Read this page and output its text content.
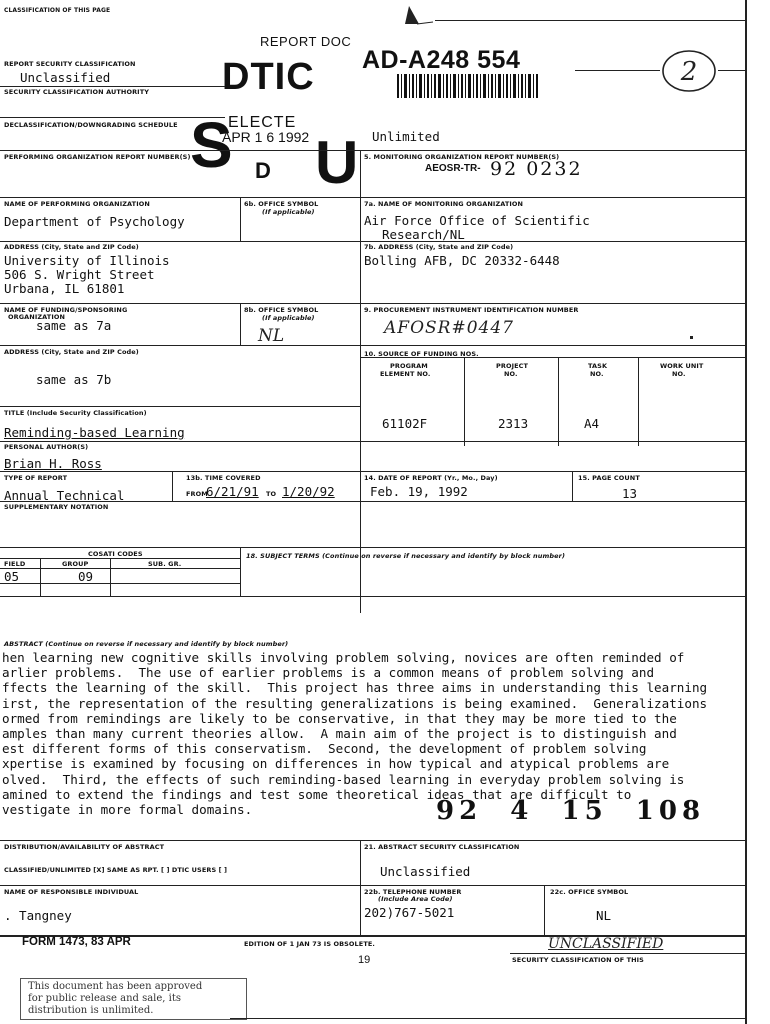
CLASSIFICATION OF THIS PAGE
REPORT DOC
AD-A248 554	2
DTIC
ELECTE
APR 1 6 1992
S D U
REPORT SECURITY CLASSIFICATION
Unclassified
SECURITY CLASSIFICATION AUTHORITY
DECLASSIFICATION/DOWNGRADING SCHEDULE
Unlimited
PERFORMING ORGANIZATION REPORT NUMBER(S)	5. MONITORING ORGANIZATION REPORT NUMBER(S)
AEOSR-TR- 92 0232
NAME OF PERFORMING ORGANIZATION	6b. OFFICE SYMBOL
(If applicable)
Department of Psychology
7a. NAME OF MONITORING ORGANIZATION
Air Force Office of Scientific
Research/NL
ADDRESS (City, State and ZIP Code)
University of Illinois
506 S. Wright Street
Urbana, IL 61801
7b. ADDRESS (City, State and ZIP Code)
Bolling AFB, DC 20332-6448
NAME OF FUNDING/SPONSORING
ORGANIZATION
same as 7a
8b. OFFICE SYMBOL
(If applicable)
NL
9. PROCUREMENT INSTRUMENT IDENTIFICATION NUMBER
AFOSR#0447
ADDRESS (City, State and ZIP Code)
same as 7b
10. SOURCE OF FUNDING NOS.
PROGRAM
ELEMENT NO.
PROJECT
NO.
TASK
NO.
WORK UNIT
NO.
61102F	2313	A4
TITLE (Include Security Classification)
Reminding-based Learning
PERSONAL AUTHOR(S)
Brian H. Ross
TYPE OF REPORT
Annual Technical
13b. TIME COVERED
FROM
6/21/91 TO 1/20/92
14. DATE OF REPORT (Yr., Mo., Day)
Feb. 19, 1992
15. PAGE COUNT
13
SUPPLEMENTARY NOTATION
COSATI CODES
FIELD	GROUP	SUB. GR.
05	09
18. SUBJECT TERMS (Continue on reverse if necessary and identify by block number)
ABSTRACT (Continue on reverse if necessary and identify by block number)
hen learning new cognitive skills involving problem solving, novices are often reminded of
arlier problems.  The use of earlier problems is a common means of problem solving and
ffects the learning of the skill.  This project has three aims in understanding this learning
irst, the representation of the resulting generalizations is being examined.  Generalizations
ormed from remindings are likely to be conservative, in that they may be more tied to the
amples than many current theories allow.  A main aim of the project is to distinguish and
est different forms of this conservatism.  Second, the development of problem solving
xpertise is examined by focusing on differences in how typical and atypical problems are
olved.  Third, the effects of such reminding-based learning in everyday problem solving is
amined to extend the findings and test some theoretical ideas that are difficult to
vestigate in more formal domains.	92  4  15  108
DISTRIBUTION/AVAILABILITY OF ABSTRACT
CLASSIFIED/UNLIMITED [X] SAME AS RPT. [ ] DTIC USERS [ ]
21. ABSTRACT SECURITY CLASSIFICATION
Unclassified
NAME OF RESPONSIBLE INDIVIDUAL
. Tangney
22b. TELEPHONE NUMBER
(Include Area Code)
202)767-5021
22c. OFFICE SYMBOL
NL
FORM 1473, 83 APR	EDITION OF 1 JAN 73 IS OBSOLETE.
19
UNCLASSIFIED
SECURITY CLASSIFICATION OF THIS
This document has been approved
for public release and sale, its
distribution is unlimited.
